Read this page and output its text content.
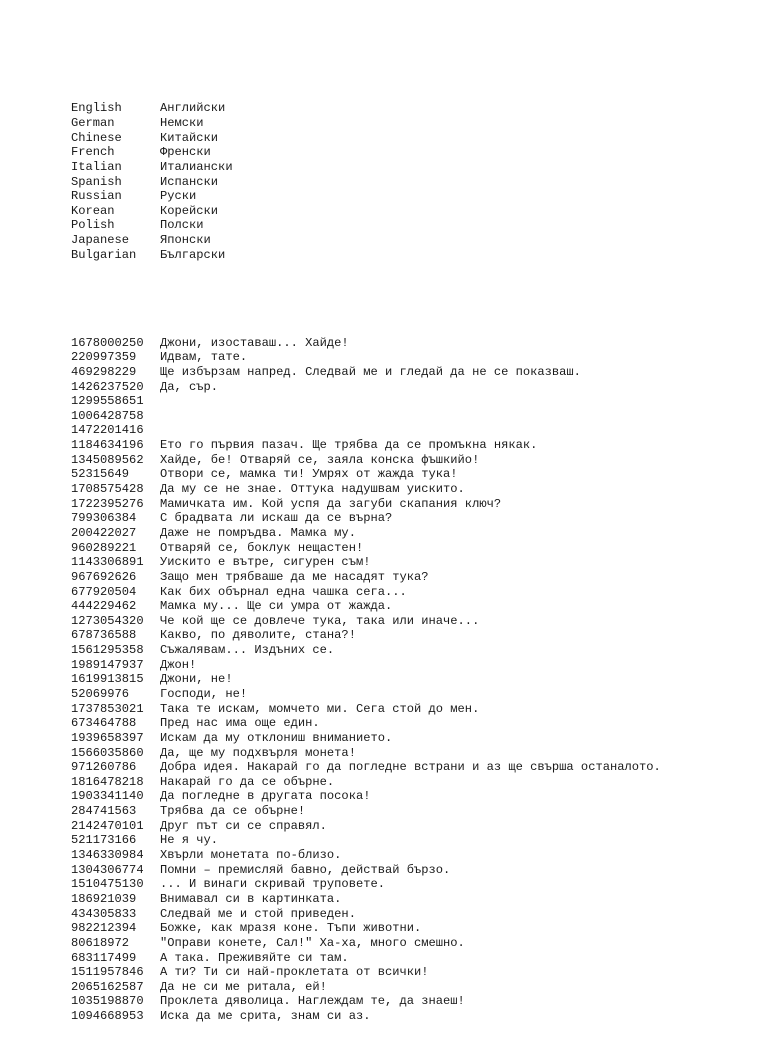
English	Английски
German	Немски
Chinese	Китайски
French	Френски
Italian	Италиански
Spanish	Испански
Russian	Руски
Korean	Корейски
Polish	Полски
Japanese	Японски
Bulgarian	Български

1678000250	Джони, изоставаш... Хайде!
220997359	Идвам, тате.
469298229	Ще избързам напред. Следвай ме и гледай да не се показваш.
1426237520	Да, сър.
1299558651
1006428758
1472201416
1184634196	Ето го първия пазач. Ще трябва да се промъкна някак.
1345089562	Хайде, бе! Отваряй се, заяла конска фъшкийо!
52315649	Отвори се, мамка ти! Умрях от жажда тука!
1708575428	Да му се не знае. Оттука надушвам уискито.
1722395276	Мамичката им. Кой успя да загуби скапания ключ?
799306384	С брадвата ли искаш да се върна?
200422027	Даже не помръдва. Мамка му.
960289221	Отваряй се, боклук нещастен!
1143306891	Уискито е вътре, сигурен съм!
967692626	Защо мен трябваше да ме насадят тука?
677920504	Как бих обърнал една чашка сега...
444229462	Мамка му... Ще си умра от жажда.
1273054320	Че кой ще се довлече тука, така или иначе...
678736588	Какво, по дяволите, стана?!
1561295358	Съжалявам... Издъних се.
1989147937	Джон!
1619913815	Джони, не!
52069976	Господи, не!
1737853021	Така те искам, момчето ми. Сега стой до мен.
673464788	Пред нас има още един.
1939658397	Искам да му отклониш вниманието.
1566035860	Да, ще му подхвърля монета!
971260786	Добра идея. Накарай го да погледне встрани и аз ще свърша останалото.
1816478218	Накарай го да се обърне.
1903341140	Да погледне в другата посока!
284741563	Трябва да се обърне!
2142470101	Друг път си се справял.
521173166	Не я чу.
1346330984	Хвърли монетата по-близо.
1304306774	Помни – премисляй бавно, действай бързо.
1510475130	... И винаги скривай труповете.
186921039	Внимавал си в картинката.
434305833	Следвай ме и стой приведен.
982212394	Божке, как мразя коне. Тъпи животни.
80618972	"Оправи конете, Сал!" Ха-ха, много смешно.
683117499	А така. Преживяйте си там.
1511957846	А ти? Ти си най-проклетата от всички!
2065162587	Да не си ме ритала, ей!
1035198870	Проклета дяволица. Наглеждам те, да знаеш!
1094668953	Иска да ме срита, знам си аз.
